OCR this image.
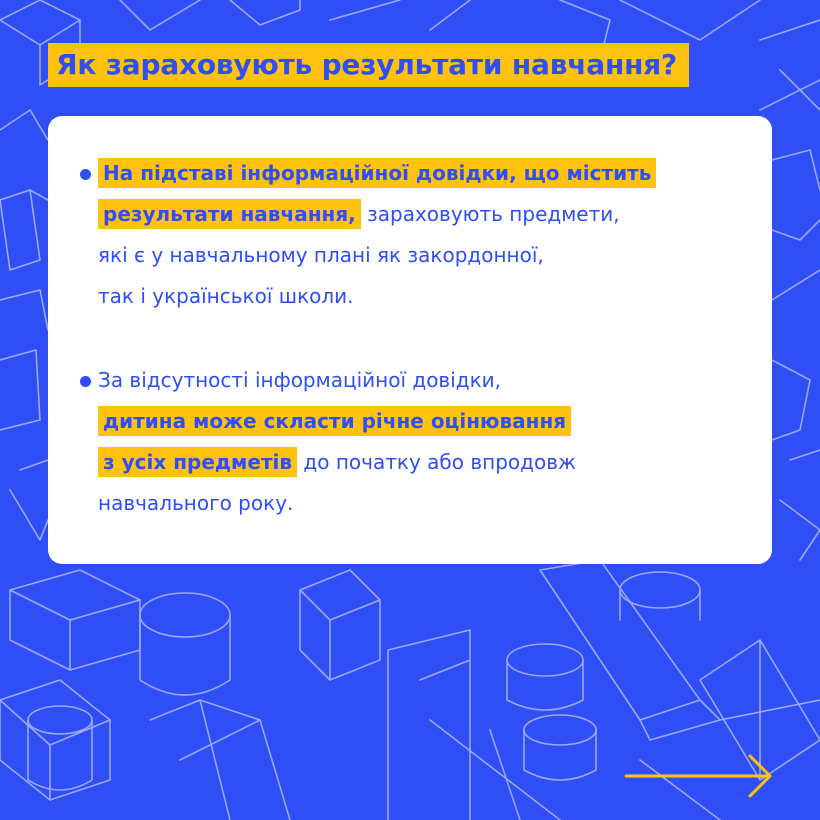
Як зараховують результати навчання?
На підставі інформаційної довідки, що містить
результати навчання, зараховують предмети,
які є у навчальному плані як закордонної,
так і української школи.
За відсутності інформаційної довідки,
дитина може скласти річне оцінювання
з усіх предметів до початку або впродовж
навчального року.
